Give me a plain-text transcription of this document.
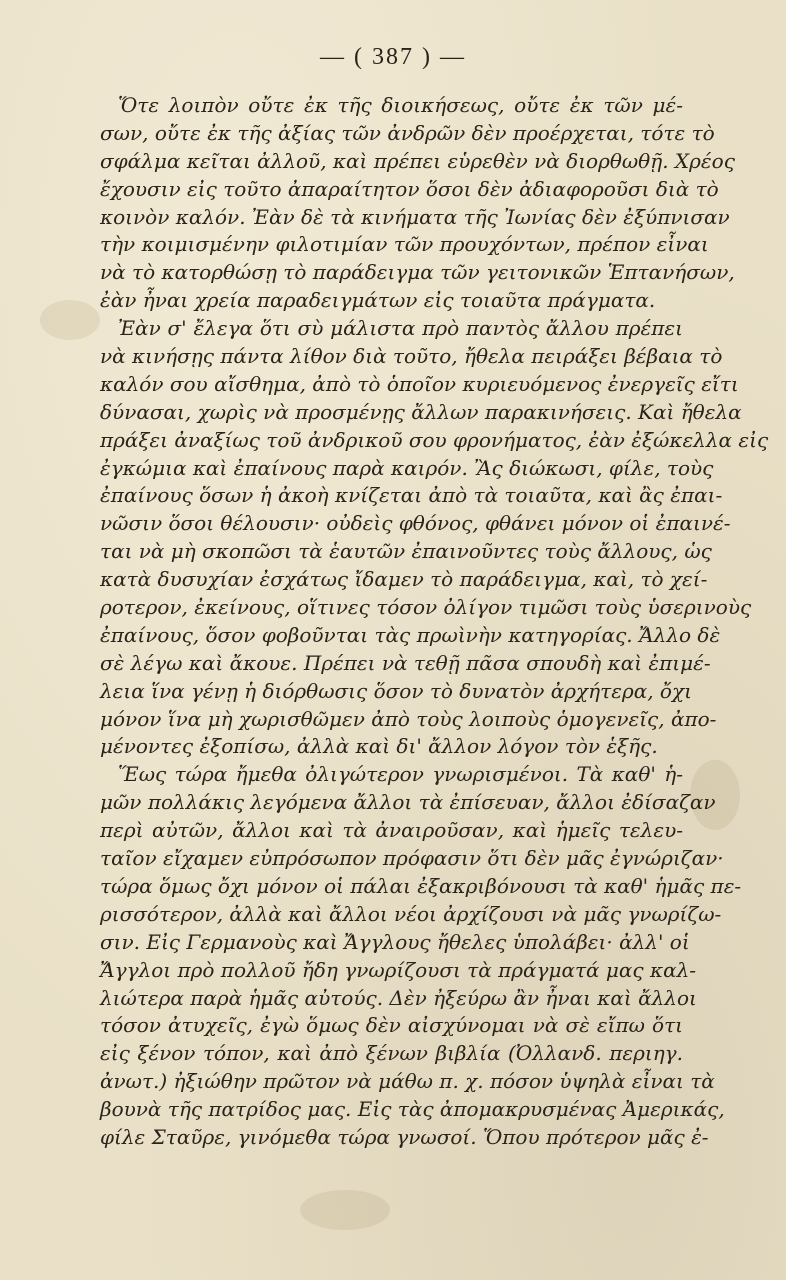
— ( 387 ) —
Ὅτε λοιπὸν οὔτε ἐκ τῆς διοικήσεως, οὔτε ἐκ τῶν μέ-
σων, οὔτε ἐκ τῆς ἀξίας τῶν ἀνδρῶν δὲν προέρχεται, τότε τὸ
σφάλμα κεῖται ἀλλοῦ, καὶ πρέπει εὑρεθὲν νὰ διορθωθῇ. Χρέος
ἔχουσιν εἰς τοῦτο ἀπαραίτητον ὅσοι δὲν ἀδιαφοροῦσι διὰ τὸ
κοινὸν καλόν. Ἐὰν δὲ τὰ κινήματα τῆς Ἰωνίας δὲν ἐξύπνισαν
τὴν κοιμισμένην φιλοτιμίαν τῶν προυχόντων, πρέπον εἶναι
νὰ τὸ κατορθώσῃ τὸ παράδειγμα τῶν γειτονικῶν Ἑπτανήσων,
ἐὰν ἦναι χρεία παραδειγμάτων εἰς τοιαῦτα πράγματα.
Ἐὰν σ' ἔλεγα ὅτι σὺ μάλιστα πρὸ παντὸς ἄλλου πρέπει
νὰ κινήσῃς πάντα λίθον διὰ τοῦτο, ἤθελα πειράξει βέβαια τὸ
καλόν σου αἴσθημα, ἀπὸ τὸ ὁποῖον κυριευόμενος ἐνεργεῖς εἴτι
δύνασαι, χωρὶς νὰ προσμένῃς ἄλλων παρακινήσεις. Καὶ ἤθελα
πράξει ἀναξίως τοῦ ἀνδρικοῦ σου φρονήματος, ἐὰν ἐξώκελλα εἰς
ἐγκώμια καὶ ἐπαίνους παρὰ καιρόν. Ἂς διώκωσι, φίλε, τοὺς
ἐπαίνους ὅσων ἡ ἀκοὴ κνίζεται ἀπὸ τὰ τοιαῦτα, καὶ ἂς ἐπαι-
νῶσιν ὅσοι θέλουσιν· οὐδεὶς φθόνος, φθάνει μόνον οἱ ἐπαινέ-
ται νὰ μὴ σκοπῶσι τὰ ἑαυτῶν ἐπαινοῦντες τοὺς ἄλλους, ὡς
κατὰ δυσυχίαν ἐσχάτως ἴδαμεν τὸ παράδειγμα, καὶ, τὸ χεί-
ροτερον, ἐκείνους, οἵτινες τόσον ὀλίγον τιμῶσι τοὺς ὑσερινοὺς
ἐπαίνους, ὅσον φοβοῦνται τὰς πρωὶνὴν κατηγορίας. Ἄλλο δὲ
σὲ λέγω καὶ ἄκουε. Πρέπει νὰ τεθῇ πᾶσα σπουδὴ καὶ ἐπιμέ-
λεια ἵνα γένῃ ἡ διόρθωσις ὅσον τὸ δυνατὸν ἀρχήτερα, ὄχι
μόνον ἵνα μὴ χωρισθῶμεν ἀπὸ τοὺς λοιποὺς ὁμογενεῖς, ἀπο-
μένοντες ἐξοπίσω, ἀλλὰ καὶ δι' ἄλλον λόγον τὸν ἑξῆς.
Ἕως τώρα ἤμεθα ὀλιγώτερον γνωρισμένοι. Τὰ καθ' ἡ-
μῶν πολλάκις λεγόμενα ἄλλοι τὰ ἐπίσευαν, ἄλλοι ἐδίσαζαν
περὶ αὐτῶν, ἄλλοι καὶ τὰ ἀναιροῦσαν, καὶ ἡμεῖς τελευ-
ταῖον εἴχαμεν εὐπρόσωπον πρόφασιν ὅτι δὲν μᾶς ἐγνώριζαν·
τώρα ὅμως ὄχι μόνον οἱ πάλαι ἐξακριβόνουσι τὰ καθ' ἡμᾶς πε-
ρισσότερον, ἀλλὰ καὶ ἄλλοι νέοι ἀρχίζουσι νὰ μᾶς γνωρίζω-
σιν. Εἰς Γερμανοὺς καὶ Ἄγγλους ἤθελες ὑπολάβει· ἀλλ' οἱ
Ἄγγλοι πρὸ πολλοῦ ἤδη γνωρίζουσι τὰ πράγματά μας καλ-
λιώτερα παρὰ ἡμᾶς αὐτούς. Δὲν ἠξεύρω ἂν ἦναι καὶ ἄλλοι
τόσον ἀτυχεῖς, ἐγὼ ὅμως δὲν αἰσχύνομαι νὰ σὲ εἴπω ὅτι
εἰς ξένον τόπον, καὶ ἀπὸ ξένων βιβλία (Ὀλλανδ. περιηγ.
ἀνωτ.) ἠξιώθην πρῶτον νὰ μάθω π. χ. πόσον ὑψηλὰ εἶναι τὰ
βουνὰ τῆς πατρίδος μας. Εἰς τὰς ἀπομακρυσμένας Ἀμερικάς,
φίλε Σταῦρε, γινόμεθα τώρα γνωσοί. Ὅπου πρότερον μᾶς ἐ-
